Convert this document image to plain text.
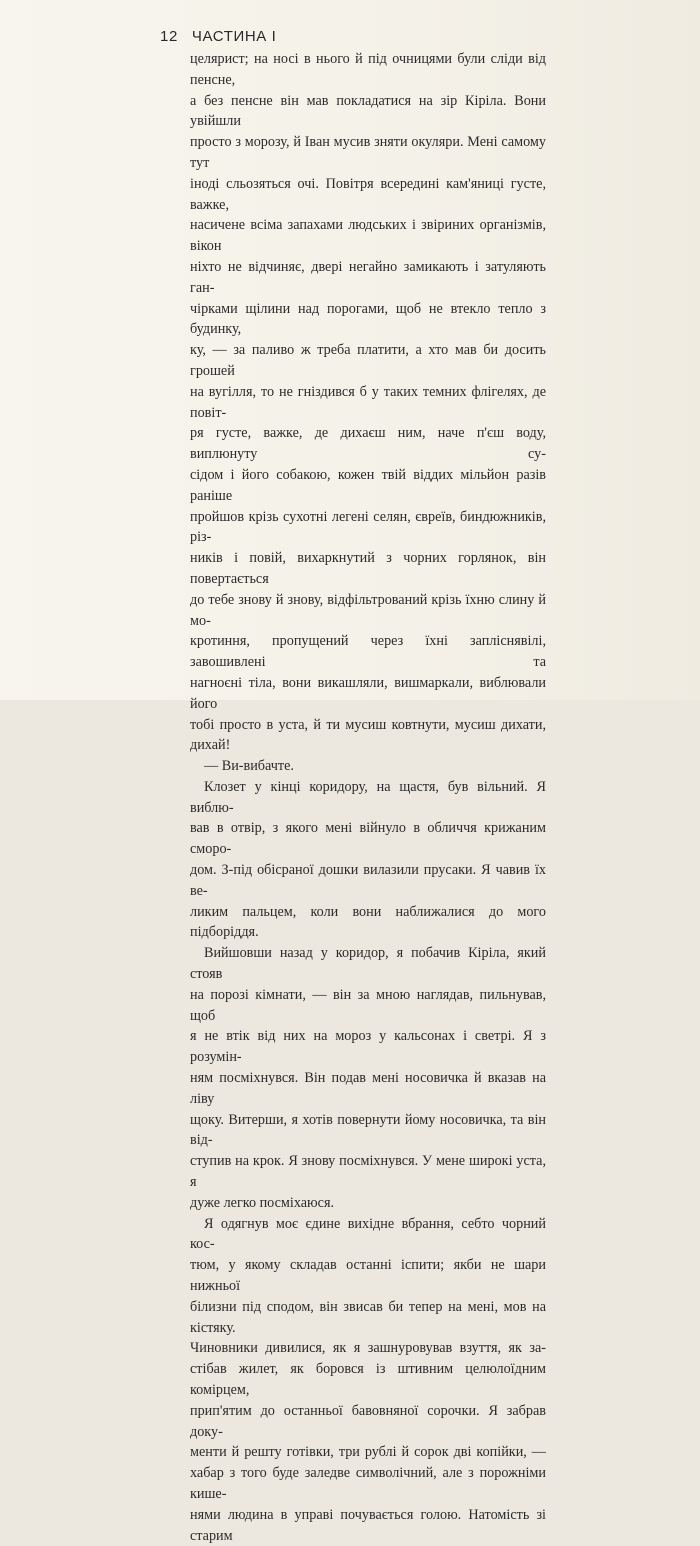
12 ЧАСТИНА І

целярист; на носі в нього й під очницями були сліди від пенсне,

а без пенсне він мав покладатися на зір Кіріла. Вони увійшли

просто з морозу, й Іван мусив зняти окуляри. Мені самому тут

іноді сльозяться очі. Повітря всередині кам'яниці густе, важке,

насичене всіма запахами людських і звіриних організмів, вікон

ніхто не відчиняє, двері негайно замикають і затуляють ган-

чірками щілини над порогами, щоб не втекло тепло з будинку,

ку, — за паливо ж треба платити, а хто мав би досить грошей

на вугілля, то не гніздився б у таких темних флігелях, де повіт-

ря густе, важке, де дихаєш ним, наче п'єш воду, виплюнуту су-

сідом і його собакою, кожен твій віддих мільйон разів раніше

пройшов крізь сухотні легені селян, євреїв, биндюжників, різ-

ників і повій, вихаркнутий з чорних горлянок, він повертається

до тебе знову й знову, відфільтрований крізь їхню слину й мо-

кротиння, пропущений через їхні запліснявілі, завошивлені та

нагноєні тіла, вони викашляли, вишмаркали, виблювали його

тобі просто в уста, й ти мусиш ковтнути, мусиш дихати, дихай!

— Ви-вибачте.

Клозет у кінці коридору, на щастя, був вільний. Я виблю-

вав в отвір, з якого мені війнуло в обличчя крижаним сморо-

дом. З-під обісраної дошки вилазили прусаки. Я чавив їх ве-

ликим пальцем, коли вони наближалися до мого підборіддя.

Вийшовши назад у коридор, я побачив Кіріла, який стояв

на порозі кімнати, — він за мною наглядав, пильнував, щоб

я не втік від них на мороз у кальсонах і светрі. Я з розумін-

ням посміхнувся. Він подав мені носовичка й вказав на ліву

щоку. Витерши, я хотів повернути йому носовичка, та він від-

ступив на крок. Я знову посміхнувся. У мене широкі уста, я

дуже легко посміхаюся.

Я одягнув моє єдине вихідне вбрання, себто чорний кос-

тюм, у якому складав останні іспити; якби не шари нижньої

білизни під сподом, він звисав би тепер на мені, мов на кістяку.

Чиновники дивилися, як я зашнуровував взуття, як за-

стібав жилет, як боровся із штивним целюлоїдним комірцем,

прип'ятим до останньої бавовняної сорочки. Я забрав доку-

менти й решту готівки, три рублі й сорок дві копійки, —

хабар з того буде заледве символічний, але з порожніми кише-

нями людина в управі почувається голою. Натомість зі старим
